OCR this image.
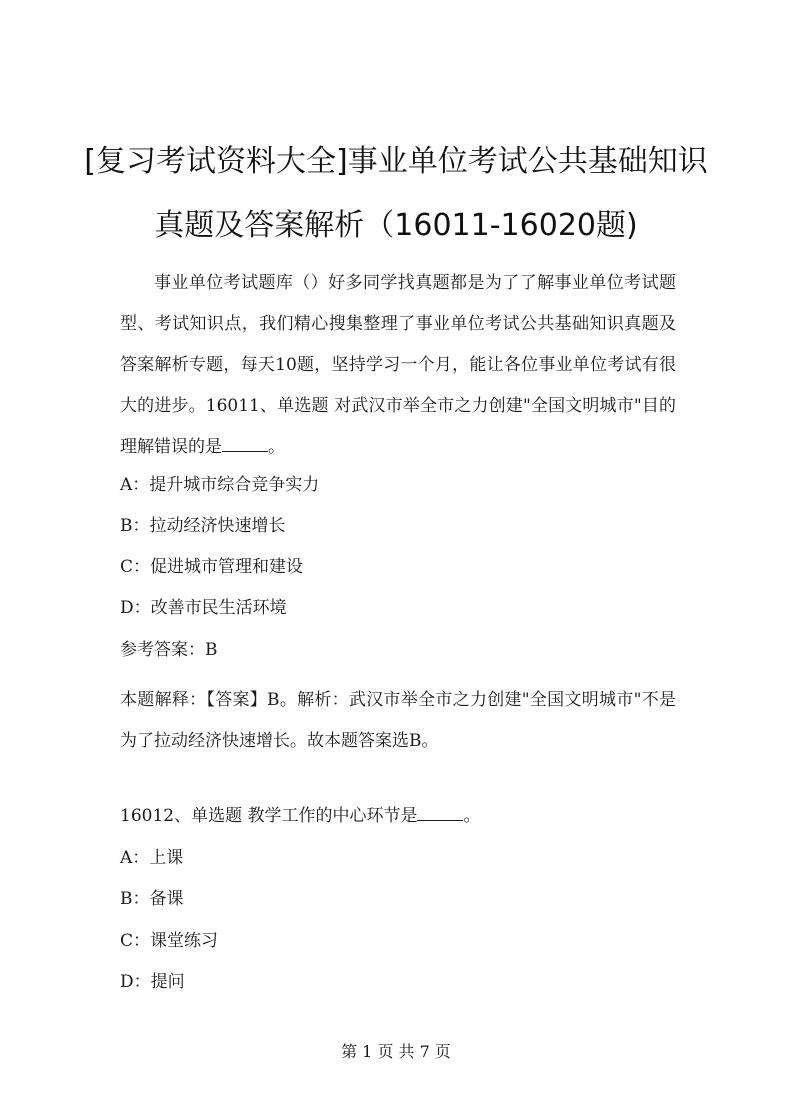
[复习考试资料大全]事业单位考试公共基础知识
真题及答案解析（16011-16020题)

事业单位考试题库（）好多同学找真题都是为了了解事业单位考试题型、考试知识点，我们精心搜集整理了事业单位考试公共基础知识真题及答案解析专题，每天10题，坚持学习一个月，能让各位事业单位考试有很大的进步。16011、单选题 对武汉市举全市之力创建"全国文明城市"目的理解错误的是	。

A：提升城市综合竞争实力

B：拉动经济快速增长

C：促进城市管理和建设

D：改善市民生活环境

参考答案：B

本题解释：【答案】B。解析：武汉市举全市之力创建"全国文明城市"不是为了拉动经济快速增长。故本题答案选B。

16012、单选题 教学工作的中心环节是	。

A：上课

B：备课

C：课堂练习

D：提问

第 1 页 共 7 页
